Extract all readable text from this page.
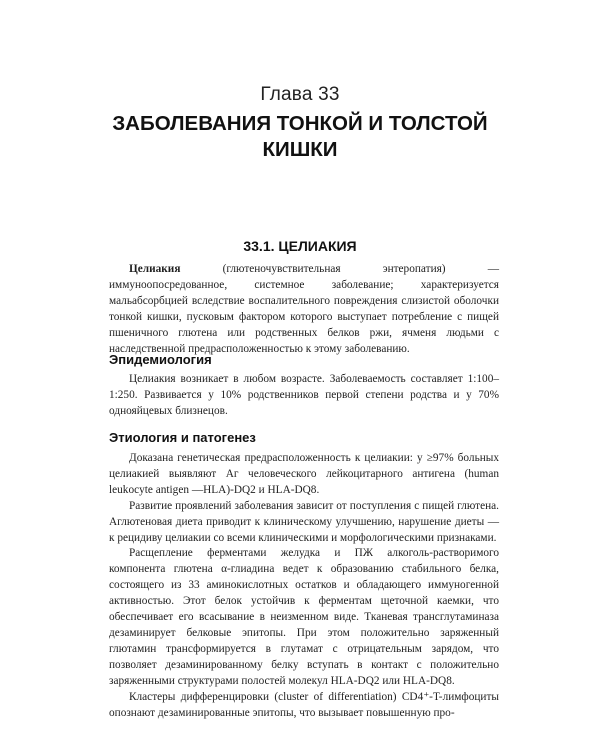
Глава 33
ЗАБОЛЕВАНИЯ ТОНКОЙ И ТОЛСТОЙ КИШКИ
33.1. ЦЕЛИАКИЯ

Целиакия (глютеночувствительная энтеропатия) — иммуноопосредованное, системное заболевание; характеризуется мальабсорбцией вследствие воспалительного повреждения слизистой оболочки тонкой кишки, пусковым фактором которого выступает потребление с пищей пшеничного глютена или родственных белков ржи, ячменя людьми с наследственной предрасположенностью к этому заболеванию.

Эпидемиология

Целиакия возникает в любом возрасте. Заболеваемость составляет 1:100–1:250. Развивается у 10% родственников первой степени родства и у 70% однояйцевых близнецов.

Этиология и патогенез

Доказана генетическая предрасположенность к целиакии: у ≥97% больных целиакией выявляют Аг человеческого лейкоцитарного антигена (human leukocyte antigen —HLA)-DQ2 и HLA-DQ8.

Развитие проявлений заболевания зависит от поступления с пищей глютена. Аглютеновая диета приводит к клиническому улучшению, нарушение диеты — к рецидиву целиакии со всеми клиническими и морфологическими признаками.

Расщепление ферментами желудка и ПЖ алкоголь-растворимого компонента глютена α-глиадина ведет к образованию стабильного белка, состоящего из 33 аминокислотных остатков и обладающего иммуногенной активностью. Этот белок устойчив к ферментам щеточной каемки, что обеспечивает его всасывание в неизменном виде. Тканевая трансглутаминаза дезаминирует белковые эпитопы. При этом положительно заряженный глютамин трансформируется в глутамат с отрицательным зарядом, что позволяет дезаминированному белку вступать в контакт с положительно заряженными структурами полостей молекул HLA-DQ2 или HLA-DQ8.

Кластеры дифференцировки (cluster of differentiation) CD4⁺-T-лимфоциты опознают дезаминированные эпитопы, что вызывает повышенную про-
